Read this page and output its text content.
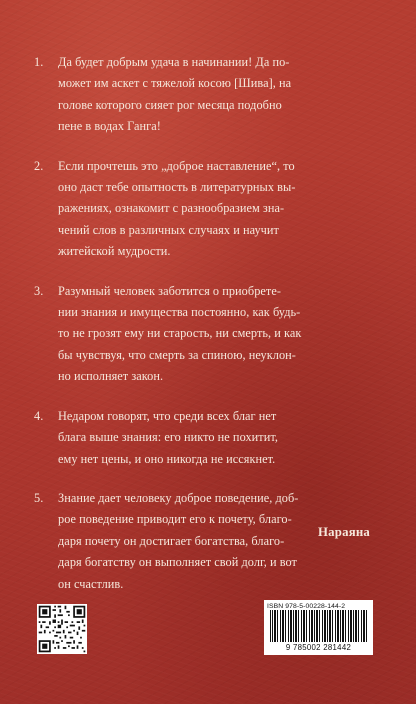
1.	Да будет добрым удача в начинании! Да по-
может им аскет с тяжелой косою [Шива], на
голове которого сияет рог месяца подобно
пене в водах Ганга!
2.	Если прочтешь это „доброе наставление“, то
оно даст тебе опытность в литературных вы-
ражениях, ознакомит с разнообразием зна-
чений слов в различных случаях и научит
житейской мудрости.
3.	Разумный человек заботится о приобрете-
нии знания и имущества постоянно, как будь-
то не грозят ему ни старость, ни смерть, и как
бы чувствуя, что смерть за спиною, неуклон-
но исполняет закон.
4.	Недаром говорят, что среди всех благ нет
блага выше знания: его никто не похитит,
ему нет цены, и оно никогда не иссякнет.
5.	Знание дает человеку доброе поведение, доб-
рое поведение приводит его к почету, благо-
даря почету он достигает богатства, благо-
даря богатству он выполняет свой долг, и вот
он счастлив.
Нараяна
ISBN 978-5-00228-144-2
9 785002 281442
